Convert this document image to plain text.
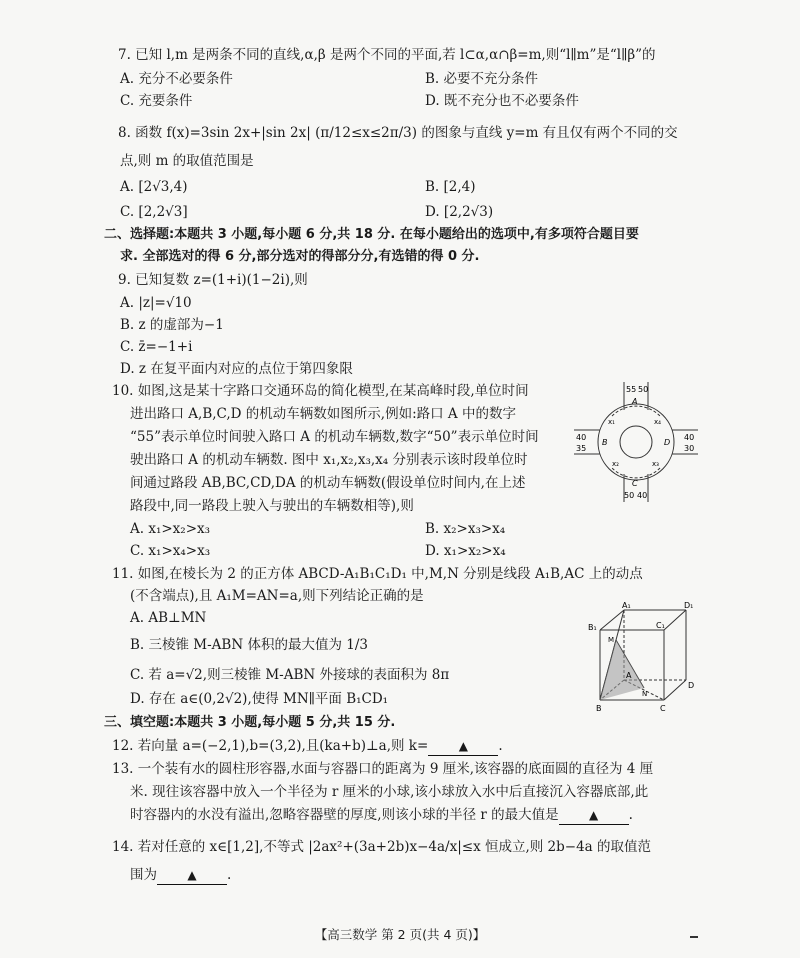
7. 已知 l,m 是两条不同的直线,α,β 是两个不同的平面,若 l⊂α,α∩β=m,则“l∥m”是“l∥β”的
A. 充分不必要条件	B. 必要不充分条件
C. 充要条件	D. 既不充分也不必要条件
8. 函数 f(x)=3sin 2x+|sin 2x| (π/12≤x≤2π/3) 的图象与直线 y=m 有且仅有两个不同的交
点,则 m 的取值范围是
A. [2√3,4)	B. [2,4)
C. [2,2√3]	D. [2,2√3)
二、选择题:本题共 3 小题,每小题 6 分,共 18 分. 在每小题给出的选项中,有多项符合题目要
求. 全部选对的得 6 分,部分选对的得部分分,有选错的得 0 分.
9. 已知复数 z=(1+i)(1−2i),则
A. |z|=√10
B. z 的虚部为−1
C. z̄=−1+i
D. z 在复平面内对应的点位于第四象限
10. 如图,这是某十字路口交通环岛的简化模型,在某高峰时段,单位时间
进出路口 A,B,C,D 的机动车辆数如图所示,例如:路口 A 中的数字
“55”表示单位时间驶入路口 A 的机动车辆数,数字“50”表示单位时间
驶出路口 A 的机动车辆数. 图中 x₁,x₂,x₃,x₄ 分别表示该时段单位时
间通过路段 AB,BC,CD,DA 的机动车辆数(假设单位时间内,在上述
路段中,同一路段上驶入与驶出的车辆数相等),则
A. x₁>x₂>x₃	B. x₂>x₃>x₄
C. x₁>x₄>x₃	D. x₁>x₂>x₄
55 50
40
35
40
30
50 40
A
B
C
D
x₁
x₂	x₃
x₄
11. 如图,在棱长为 2 的正方体 ABCD-A₁B₁C₁D₁ 中,M,N 分别是线段 A₁B,AC 上的动点
(不含端点),且 A₁M=AN=a,则下列结论正确的是
A. AB⊥MN
B. 三棱锥 M-ABN 体积的最大值为 1/3
C. 若 a=√2,则三棱锥 M-ABN 外接球的表面积为 8π
D. 存在 a∈(0,2√2),使得 MN∥平面 B₁CD₁
A₁	D₁
B₁	C₁
A
D
B	C
M
N
三、填空题:本题共 3 小题,每小题 5 分,共 15 分.
12. 若向量 a=(−2,1),b=(3,2),且(ka+b)⊥a,则 k=	▲ .
13. 一个装有水的圆柱形容器,水面与容器口的距离为 9 厘米,该容器的底面圆的直径为 4 厘
米. 现往该容器中放入一个半径为 r 厘米的小球,该小球放入水中后直接沉入容器底部,此
时容器内的水没有溢出,忽略容器壁的厚度,则该小球的半径 r 的最大值是	▲ .
14. 若对任意的 x∈[1,2],不等式 |2ax²+(3a+2b)x−4a/x|≤x 恒成立,则 2b−4a 的取值范
围为	▲ .
【高三数学 第 2 页(共 4 页)】
